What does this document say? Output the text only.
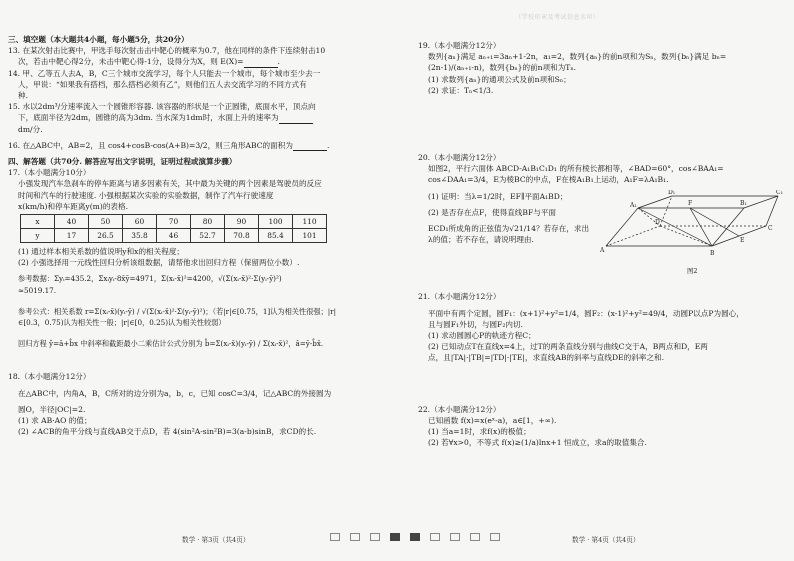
（学校印章及考试信息水印）

三、填空题（本大题共4小题，每小题5分，共20分）

13. 在某次射击比赛中，甲选手每次射击击中靶心的概率为0.7，他在同样的条件下连续射击10

次，若击中靶心得2分，未击中靶心得-1分，设得分为X，则 E(X)=	.

14. 甲、乙等五人去A，B，C三个城市交流学习，每个人只能去一个城市，每个城市至少去一

人，甲说：“如果我有搭档，那么搭档必须有乙”，则他们五人去交流学习的不同方式有

种.

15. 水以2dm³/分速率流入一个圆锥形容器. 该容器的形状是一个正圆锥，底面水平，顶点向

下，底面半径为2dm，圆锥的高为3dm. 当水深为1dm时，水面上升的速率为

dm/分.

16. 在△ABC中，AB=2，且 cos4+cosB-cos(A+B)=3/2，则三角形ABC的面积为	.

四、解答题（共70分. 解答应写出文字说明，证明过程或演算步骤）

17.（本小题满分10分）

小强发现汽车急刹车的停车距离与诸多因素有关，其中最为关键的两个因素是驾驶员的反应

时间和汽车的行驶速度. 小强根据某次实验的实验数据，制作了汽车行驶速度

x(km/h)和停车距离y(m)的表格.

x	40	50	60	70	80	90	100	110
y	17	26.5	35.8	46	52.7	70.8	85.4	101

(1) 通过样本相关系数的值说明y和x的相关程度；

(2) 小强选择用一元线性回归分析该组数据，请帮他求出回归方程（保留两位小数）.

参考数据：Σyᵢ=435.2，Σxᵢyᵢ-8x̄ȳ=4971，Σ(xᵢ-x̄)²=4200，√(Σ(xᵢ-x̄)²·Σ(yᵢ-ȳ)²)

≈5019.17.

参考公式：相关系数 r=Σ(xᵢ-x̄)(yᵢ-ȳ) / √(Σ(xᵢ-x̄)²·Σ(yᵢ-ȳ)²)；（若|r|∈[0.75，1]认为相关性很强；|r|

∈[0.3，0.75)认为相关性一般；|r|∈[0，0.25)认为相关性较弱）

回归方程 ŷ=â+b̂x 中斜率和截距最小二乘估计公式分别为 b̂=Σ(xᵢ-x̄)(yᵢ-ȳ) / Σ(xᵢ-x̄)²，â=ȳ-b̂x̄.

18.（本小题满分12分）

在△ABC中，内角A，B，C所对的边分别为a，b，c，已知 cosC=3/4，记△ABC的外接圆为

圆O，半径|OC|=2.

(1) 求 AB·AO 的值；

(2) ∠ACB的角平分线与直线AB交于点D，若 4(sin²A-sin²B)=3(a-b)sinB，求CD的长.

19.（本小题满分12分）

数列{aₙ}满足 aₙ₊₁=3aₙ+1-2n，a₁=2，数列{aₙ}的前n项和为Sₙ，数列{bₙ}满足 bₙ=

(2n-1)/(aₙ₊₁-n)，数列{bₙ}的前n项和为Tₙ.

(1) 求数列{aₙ}的通项公式及前n项和Sₙ；

(2) 求证：Tₙ<1/3.

20.（本小题满分12分）

如图2，平行六面体 ABCD-A₁B₁C₁D₁ 的所有棱长都相等，∠BAD=60°，cos∠BAA₁=

cos∠DAA₁=3/4，E为棱BC的中点，F在棱A₁B₁上运动，A₁F=λA₁B₁.

(1) 证明：当λ=1/2时，EF∥平面A₁BD；

(2) 是否存在点F，使得直线BF与平面

ECD₁所成角的正弦值为√21/14？若存在，求出

λ的值；若不存在，请说明理由.

21.（本小题满分12分）

平面中有两个定圆，圆F₁：(x+1)²+y²=1/4，圆F₂：(x-1)²+y²=49/4，动圆P以点P为圆心，

且与圆F₁外切，与圆F₂内切.

(1) 求动圆圆心P的轨迹方程C；

(2) 已知动点T在直线x=4上，过T的两条直线分别与曲线C交于A，B两点和D，E两

点，且|TA|·|TB|=|TD|·|TE|，求直线AB的斜率与直线DE的斜率之和.

22.（本小题满分12分）

已知函数 f(x)=x(eˣ-a)，a∈[1，+∞).

(1) 当a=1时，求f(x)的极值；

(2) 若∀x>0，不等式 f(x)≥(1/a)lnx+1 恒成立，求a的取值集合.

A	B
C
D
E
F
A₁	B₁
C₁
D₁
图2
数学 · 第3页（共4页）	数学 · 第4页（共4页）
